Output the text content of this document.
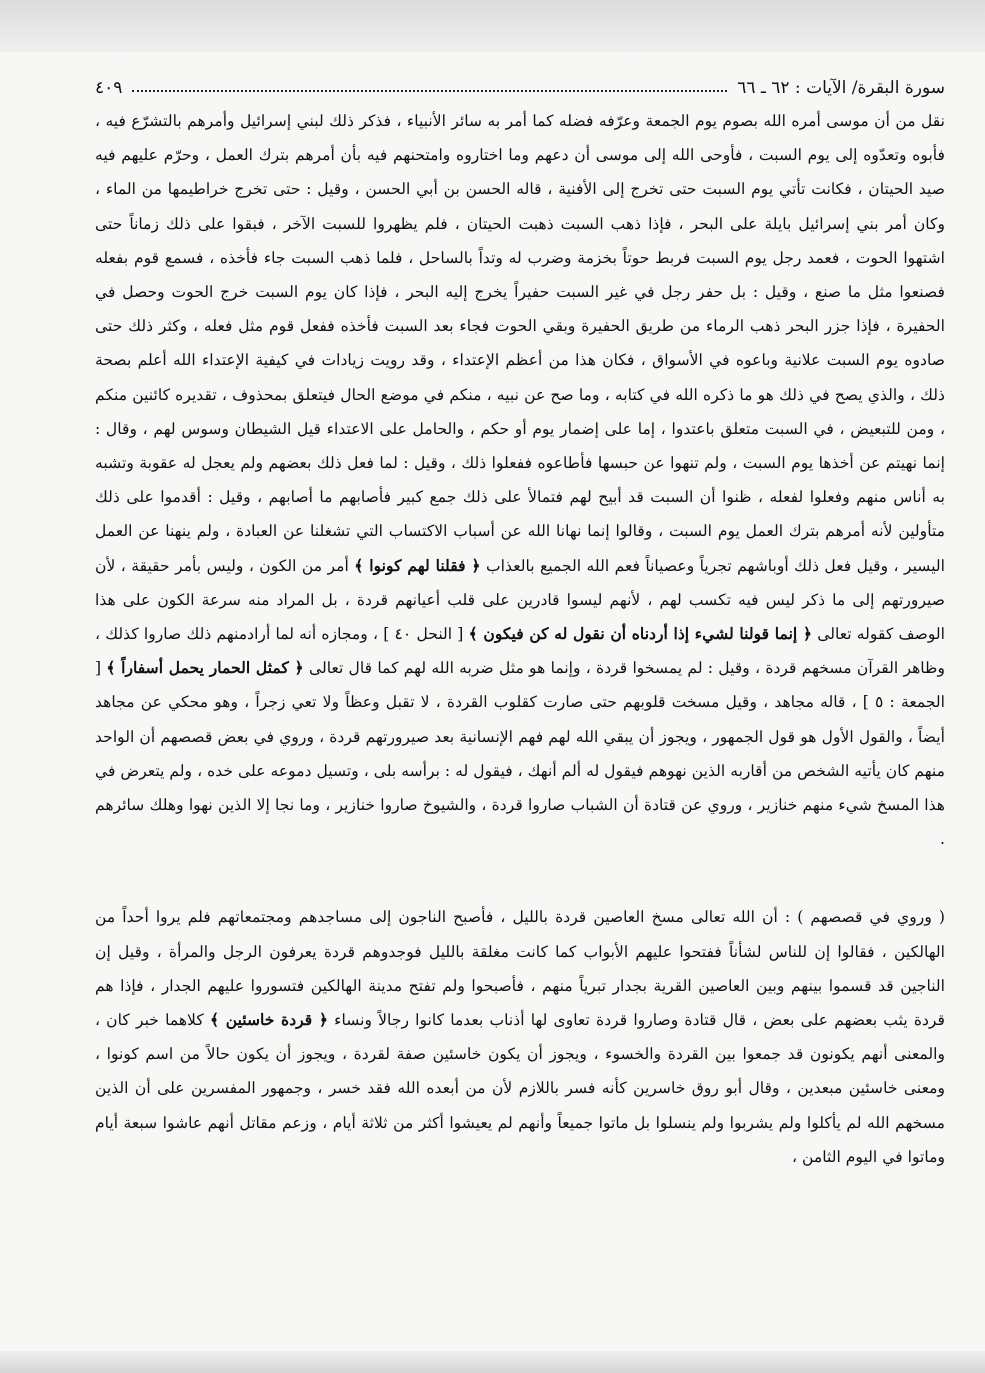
سورة البقرة/ الآيات : ٦٢ ـ ٦٦
٤٠٩

نقل من أن موسى أمره الله بصوم يوم الجمعة وعرّفه فضله كما أمر به سائر الأنبياء ، فذكر ذلك لبني إسرائيل وأمرهم بالتشرّع فيه ، فأبوه وتعدّوه إلى يوم السبت ، فأوحى الله إلى موسى أن دعهم وما اختاروه وامتحنهم فيه بأن أمرهم بترك العمل ، وحرّم عليهم فيه صيد الحيتان ، فكانت تأتي يوم السبت حتى تخرج إلى الأفنية ، قاله الحسن بن أبي الحسن ، وقيل : حتى تخرج خراطيمها من الماء ، وكان أمر بني إسرائيل بايلة على البحر ، فإذا ذهب السبت ذهبت الحيتان ، فلم يظهروا للسبت الآخر ، فبقوا على ذلك زماناً حتى اشتهوا الحوت ، فعمد رجل يوم السبت فربط حوتاً بخزمة وضرب له وتداً بالساحل ، فلما ذهب السبت جاء فأخذه ، فسمع قوم بفعله فصنعوا مثل ما صنع ، وقيل : بل حفر رجل في غير السبت حفيراً يخرج إليه البحر ، فإذا كان يوم السبت خرج الحوت وحصل في الحفيرة ، فإذا جزر البحر ذهب الرماء من طريق الحفيرة وبقي الحوت فجاء بعد السبت فأخذه ففعل قوم مثل فعله ، وكثر ذلك حتى صادوه يوم السبت علانية وباعوه في الأسواق ، فكان هذا من أعظم الإعتداء ، وقد رويت زيادات في كيفية الإعتداء الله أعلم بصحة ذلك ، والذي يصح في ذلك هو ما ذكره الله في كتابه ، وما صح عن نبيه ، منكم في موضع الحال فيتعلق بمحذوف ، تقديره كائنين منكم ، ومن للتبعيض ، في السبت متعلق باعتدوا ، إما على إضمار يوم أو حكم ، والحامل على الاعتداء قيل الشيطان وسوس لهم ، وقال : إنما نهيتم عن أخذها يوم السبت ، ولم تنهوا عن حبسها فأطاعوه ففعلوا ذلك ، وقيل : لما فعل ذلك بعضهم ولم يعجل له عقوبة وتشبه به أناس منهم وفعلوا لفعله ، ظنوا أن السبت قد أبيح لهم فتمالأ على ذلك جمع كبير فأصابهم ما أصابهم ، وقيل : أقدموا على ذلك متأولين لأنه أمرهم بترك العمل يوم السبت ، وقالوا إنما نهانا الله عن أسباب الاكتساب التي تشغلنا عن العبادة ، ولم ينهنا عن العمل اليسير ، وقيل فعل ذلك أوباشهم تجرياً وعصياناً فعم الله الجميع بالعذاب ﴿ فقلنا لهم كونوا ﴾ أمر من الكون ، وليس بأمر حقيقة ، لأن صيرورتهم إلى ما ذكر ليس فيه تكسب لهم ، لأنهم ليسوا قادرين على قلب أعيانهم قردة ، بل المراد منه سرعة الكون على هذا الوصف كقوله تعالى ﴿ إنما قولنا لشيء إذا أردناه أن نقول له كن فيكون ﴾ [ النحل ٤٠ ] ، ومجازه أنه لما أرادمنهم ذلك صاروا كذلك ، وظاهر القرآن مسخهم قردة ، وقيل : لم يمسخوا قردة ، وإنما هو مثل ضربه الله لهم كما قال تعالى ﴿ كمثل الحمار يحمل أسفاراً ﴾ [ الجمعة : ٥ ] ، قاله مجاهد ، وقيل مسخت قلوبهم حتى صارت كقلوب القردة ، لا تقبل وعظاً ولا تعي زجراً ، وهو محكي عن مجاهد أيضاً ، والقول الأول هو قول الجمهور ، ويجوز أن يبقي الله لهم فهم الإنسانية بعد صيرورتهم قردة ، وروي في بعض قصصهم أن الواحد منهم كان يأتيه الشخص من أقاربه الذين نهوهم فيقول له ألم أنهك ، فيقول له : برأسه بلى ، وتسيل دموعه على خده ، ولم يتعرض في هذا المسخ شيء منهم خنازير ، وروي عن قتادة أن الشباب صاروا قردة ، والشيوخ صاروا خنازير ، وما نجا إلا الذين نهوا وهلك سائرهم .

( وروي في قصصهم ) : أن الله تعالى مسخ العاصين قردة بالليل ، فأصبح الناجون إلى مساجدهم ومجتمعاتهم فلم يروا أحداً من الهالكين ، فقالوا إن للناس لشأناً ففتحوا عليهم الأبواب كما كانت مغلقة بالليل فوجدوهم قردة يعرفون الرجل والمرأة ، وقيل إن الناجين قد قسموا بينهم وبين العاصين القرية بجدار تبرياً منهم ، فأصبحوا ولم تفتح مدينة الهالكين فتسوروا عليهم الجدار ، فإذا هم قردة يثب بعضهم على بعض ، قال قتادة وصاروا قردة تعاوى لها أذناب بعدما كانوا رجالاً ونساء ﴿ قردة خاسئين ﴾ كلاهما خبر كان ، والمعنى أنهم يكونون قد جمعوا بين القردة والخسوء ، ويجوز أن يكون خاسئين صفة لقردة ، ويجوز أن يكون حالاً من اسم كونوا ، ومعنى خاسئين مبعدين ، وقال أبو روق خاسرين كأنه فسر باللازم لأن من أبعده الله فقد خسر ، وجمهور المفسرين على أن الذين مسخهم الله لم يأكلوا ولم يشربوا ولم ينسلوا بل ماتوا جميعاً وأنهم لم يعيشوا أكثر من ثلاثة أيام ، وزعم مقاتل أنهم عاشوا سبعة أيام وماتوا في اليوم الثامن ،
